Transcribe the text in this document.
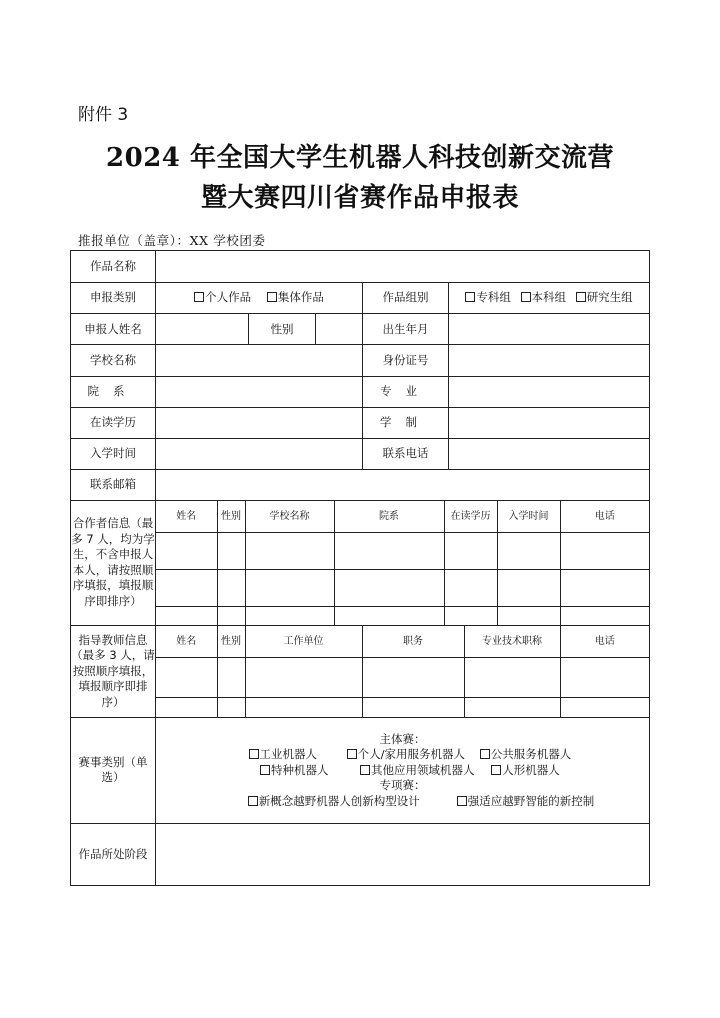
附件 3
2024 年全国大学生机器人科技创新交流营
暨大赛四川省赛作品申报表
推报单位（盖章）：XX 学校团委
作品名称	
申报类别	个人作品 集体作品	作品组别	专科组 本科组 研究生组
申报人姓名		性别		出生年月	
学校名称		身份证号	
院系		专业	
在读学历		学制	
入学时间		联系电话	
联系邮箱	
合作者信息（最多 7 人，均为学生，不含申报人本人，请按照顺序填报，填报顺序即排序）	
姓名	性别	学校名称	院系	在读学历	入学时间	电话

指导教师信息（最多 3 人，请按照顺序填报，填报顺序即排序）	
姓名	性别	工作单位	职务	专业技术职称	电话

赛事类别（单选）	
主体赛：
工业机器人	个人/家用服务机器人 公共服务机器人
特种机器人	其他应用领域机器人 人形机器人
专项赛：
新概念越野机器人创新构型设计	强适应越野智能的新控制

作品所处阶段	
